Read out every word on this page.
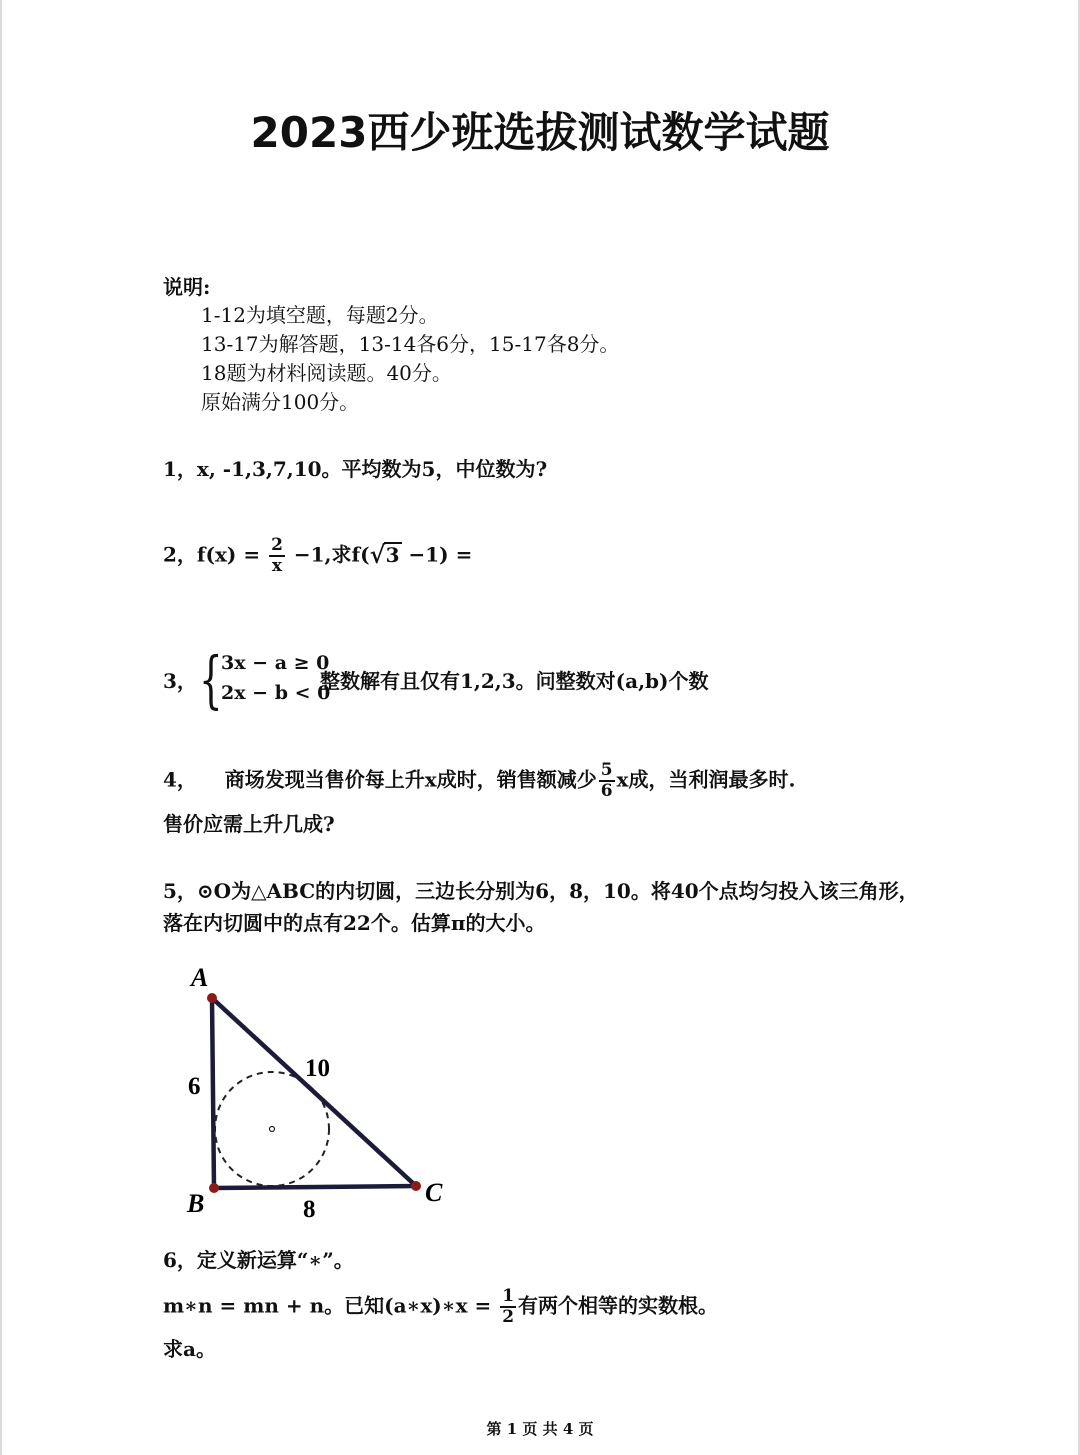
2023西少班选拔测试数学试题
说明:
1-12为填空题，每题2分。
13-17为解答题，13-14各6分，15-17各8分。
18题为材料阅读题。40分。
原始满分100分。
1，x, -1,3,7,10。平均数为5，中位数为?
2，$f(x) = \frac{2}{x} -1$,求f( √ 3 −1) =
3， {
3x − a ≥ 0
2x − b < 0
整数解有且仅有1,2,3。问整数对(a,b)个数
4，    商场发现当售价每上升x成时，销售额减少 $\frac{5}{6}$ x成，当利润最多时.
售价应需上升几成?
5，⊙O为△ABC的内切圆，三边长分别为6，8，10。将40个点均匀投入该三角形，
落在内切圆中的点有22个。估算π的大小。
A
B	C
6
8
10
6，定义新运算“∗”。
m∗n = mn + n。已知(a∗x)∗x = $\frac{1}{2}$ 有两个相等的实数根。
求a。
第 1 页 共 4 页
